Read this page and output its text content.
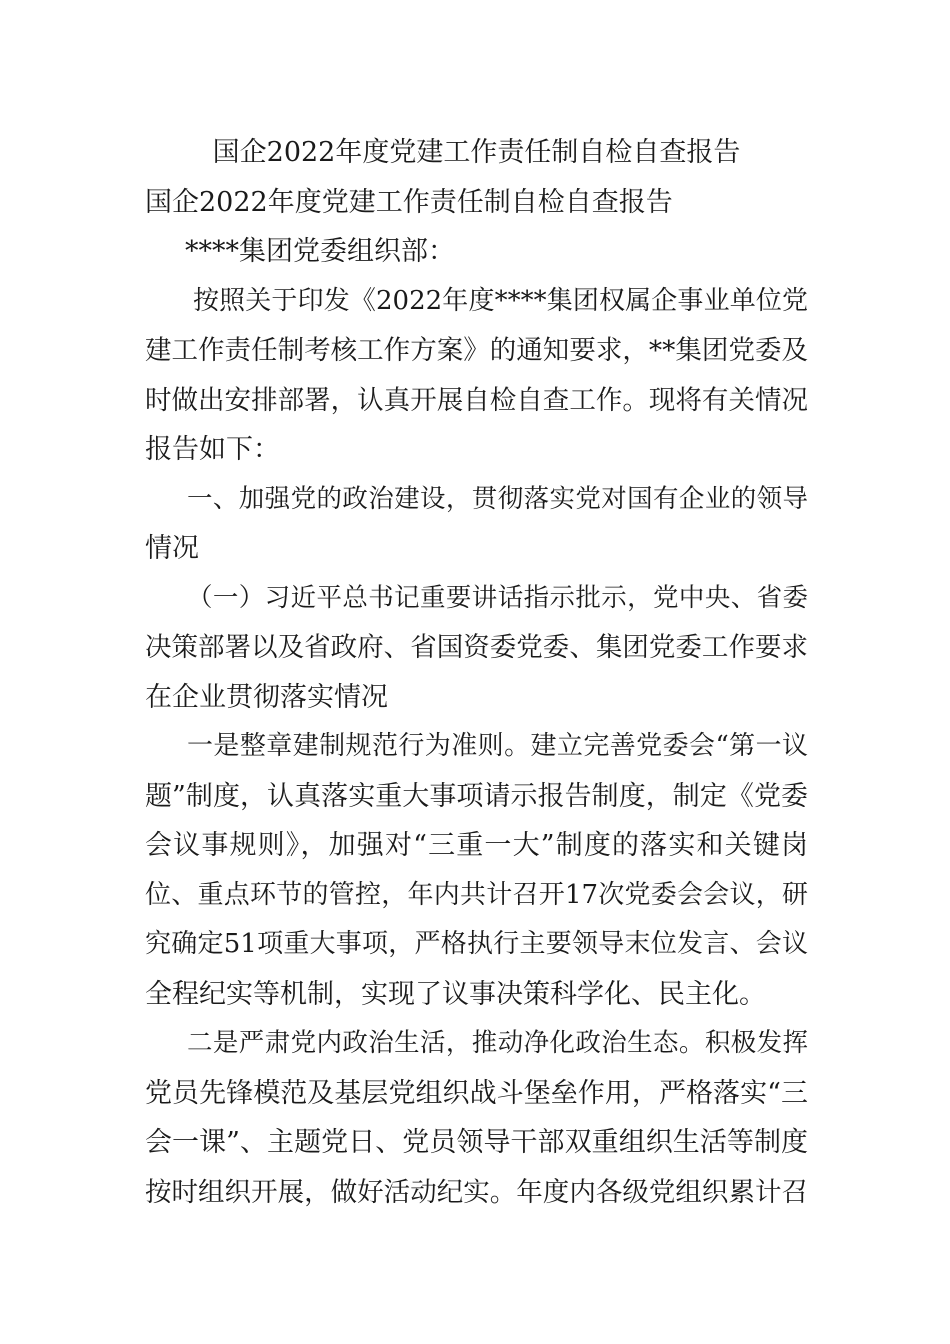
国企2022年度党建工作责任制自检自查报告
国企2022年度党建工作责任制自检自查报告
****集团党委组织部：
按照关于印发《2022年度****集团权属企事业单位党
建工作责任制考核工作方案》的通知要求，**集团党委及
时做出安排部署，认真开展自检自查工作。现将有关情况
报告如下：
一、加强党的政治建设，贯彻落实党对国有企业的领导
情况
（一）习近平总书记重要讲话指示批示，党中央、省委
决策部署以及省政府、省国资委党委、集团党委工作要求
在企业贯彻落实情况
一是整章建制规范行为准则。建立完善党委会“第一议
题”制度，认真落实重大事项请示报告制度，制定《党委
会议事规则》，加强对“三重一大”制度的落实和关键岗
位、重点环节的管控，年内共计召开17次党委会会议，研
究确定51项重大事项，严格执行主要领导末位发言、会议
全程纪实等机制，实现了议事决策科学化、民主化。
二是严肃党内政治生活，推动净化政治生态。积极发挥
党员先锋模范及基层党组织战斗堡垒作用，严格落实“三
会一课”、主题党日、党员领导干部双重组织生活等制度
按时组织开展，做好活动纪实。年度内各级党组织累计召
